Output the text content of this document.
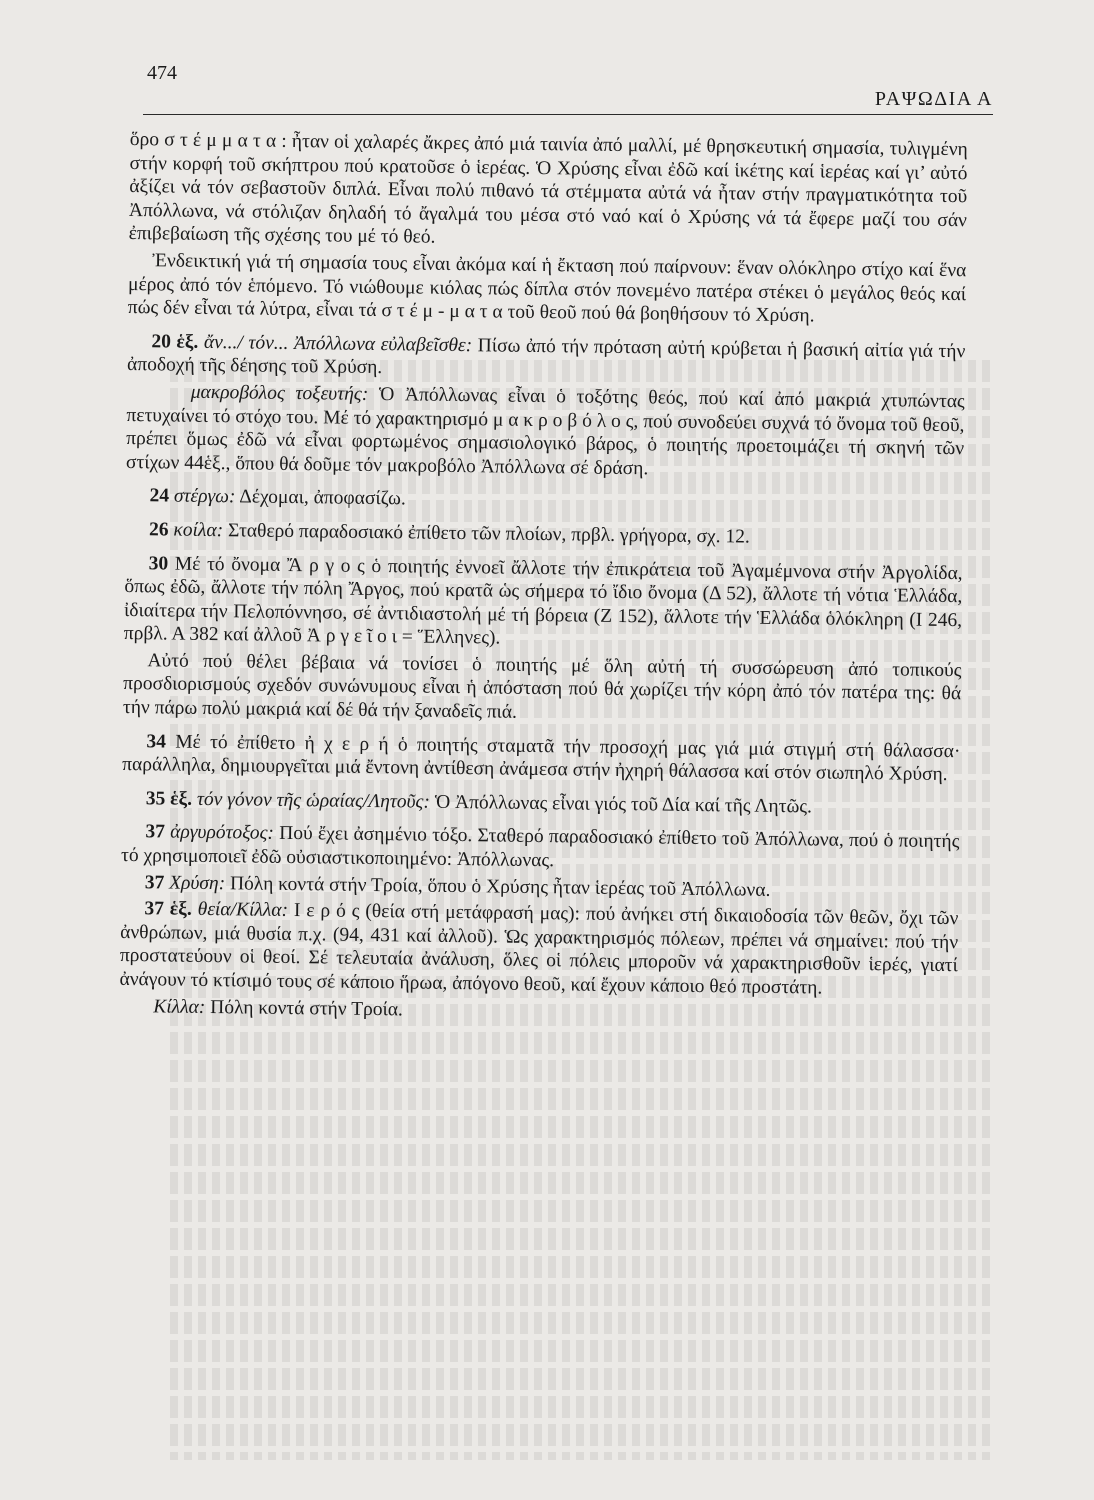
474
ΡΑΨΩΔΙΑ Α

ὅρο σ τ έ μ μ α τ α : ἦταν οἱ χαλαρές ἄκρες ἀπό μιά ταινία ἀπό μαλλί, μέ θρησκευτική σημασία, τυλιγμένη στήν κορφή τοῦ σκήπτρου πού κρατοῦσε ὁ ἱερέας. Ὁ Χρύσης εἶναι ἐδῶ καί ἱκέτης καί ἱερέας καί γι’ αὐτό ἀξίζει νά τόν σεβαστοῦν διπλά. Εἶναι πολύ πιθανό τά στέμματα αὐτά νά ἦταν στήν πραγματικότητα τοῦ Ἀπόλλωνα, νά στόλιζαν δηλαδή τό ἄγαλμά του μέσα στό ναό καί ὁ Χρύσης νά τά ἔφερε μαζί του σάν ἐπιβεβαίωση τῆς σχέσης του μέ τό θεό.

Ἐνδεικτική γιά τή σημασία τους εἶναι ἀκόμα καί ἡ ἔκταση πού παίρνουν: ἕναν ολόκληρο στίχο καί ἕνα μέρος ἀπό τόν ἑπόμενο. Τό νιώθουμε κιόλας πώς δίπλα στόν πονεμένο πατέρα στέκει ὁ μεγάλος θεός καί πώς δέν εἶναι τά λύτρα, εἶναι τά σ τ έ μ - μ α τ α τοῦ θεοῦ πού θά βοηθήσουν τό Χρύση.

20 ἑξ. ἄν.../ τόν... Ἀπόλλωνα εὐλαβεῖσθε: Πίσω ἀπό τήν πρόταση αὐτή κρύβεται ἡ βασική αἰτία γιά τήν ἀποδοχή τῆς δέησης τοῦ Χρύση.

μακροβόλος τοξευτής: Ὁ Ἀπόλλωνας εἶναι ὁ τοξότης θεός, πού καί ἀπό μακριά χτυπώντας πετυχαίνει τό στόχο του. Μέ τό χαρακτηρισμό μ α κ ρ ο β ό λ ο ς, πού συνοδεύει συχνά τό ὄνομα τοῦ θεοῦ, πρέπει ὅμως ἐδῶ νά εἶναι φορτωμένος σημασιολογικό βάρος, ὁ ποιητής προετοιμάζει τή σκηνή τῶν στίχων 44ἑξ., ὅπου θά δοῦμε τόν μακροβόλο Ἀπόλλωνα σέ δράση.

24 στέργω: Δέχομαι, ἀποφασίζω.

26 κοίλα: Σταθερό παραδοσιακό ἐπίθετο τῶν πλοίων, πρβλ. γρήγορα, σχ. 12.

30 Μέ τό ὄνομα Ἄ ρ γ ο ς ὁ ποιητής ἐννοεῖ ἄλλοτε τήν ἐπικράτεια τοῦ Ἀγαμέμνονα στήν Ἀργολίδα, ὅπως ἐδῶ, ἄλλοτε τήν πόλη Ἄργος, πού κρατᾶ ὡς σήμερα τό ἴδιο ὄνομα (Δ 52), ἄλλοτε τή νότια Ἑλλάδα, ἰδιαίτερα τήν Πελοπόννησο, σέ ἀντιδιαστολή μέ τή βόρεια (Ζ 152), ἄλλοτε τήν Ἑλλάδα ὁλόκληρη (Ι 246, πρβλ. Α 382 καί ἀλλοῦ Ἀ ρ γ ε ῖ ο ι = Ἕλληνες).

Αὐτό πού θέλει βέβαια νά τονίσει ὁ ποιητής μέ ὅλη αὐτή τή συσσώρευση ἀπό τοπικούς προσδιορισμούς σχεδόν συνώνυμους εἶναι ἡ ἀπόσταση πού θά χωρίζει τήν κόρη ἀπό τόν πατέρα της: θά τήν πάρω πολύ μακριά καί δέ θά τήν ξαναδεῖς πιά.

34 Μέ τό ἐπίθετο ἠ χ ε ρ ή ὁ ποιητής σταματᾶ τήν προσοχή μας γιά μιά στιγμή στή θάλασσα· παράλληλα, δημιουργεῖται μιά ἔντονη ἀντίθεση ἀνάμεσα στήν ἠχηρή θάλασσα καί στόν σιωπηλό Χρύση.

35 ἑξ. τόν γόνον τῆς ὡραίας/Λητοῦς: Ὁ Ἀπόλλωνας εἶναι γιός τοῦ Δία καί τῆς Λητῶς.

37 ἀργυρότοξος: Πού ἔχει ἀσημένιο τόξο. Σταθερό παραδοσιακό ἐπίθετο τοῦ Ἀπόλλωνα, πού ὁ ποιητής τό χρησιμοποιεῖ ἐδῶ οὐσιαστικοποιημένο: Ἀπόλλωνας.

37 Χρύση: Πόλη κοντά στήν Τροία, ὅπου ὁ Χρύσης ἦταν ἱερέας τοῦ Ἀπόλλωνα.

37 ἑξ. θεία/Κίλλα: Ι ε ρ ό ς (θεία στή μετάφρασή μας): πού ἀνήκει στή δικαιοδοσία τῶν θεῶν, ὄχι τῶν ἀνθρώπων, μιά θυσία π.χ. (94, 431 καί ἀλλοῦ). Ὡς χαρακτηρισμός πόλεων, πρέπει νά σημαίνει: πού τήν προστατεύουν οἱ θεοί. Σέ τελευταία ἀνάλυση, ὅλες οἱ πόλεις μποροῦν νά χαρακτηρισθοῦν ἱερές, γιατί ἀνάγουν τό κτίσιμό τους σέ κάποιο ἥρωα, ἀπόγονο θεοῦ, καί ἔχουν κάποιο θεό προστάτη.

Κίλλα: Πόλη κοντά στήν Τροία.
